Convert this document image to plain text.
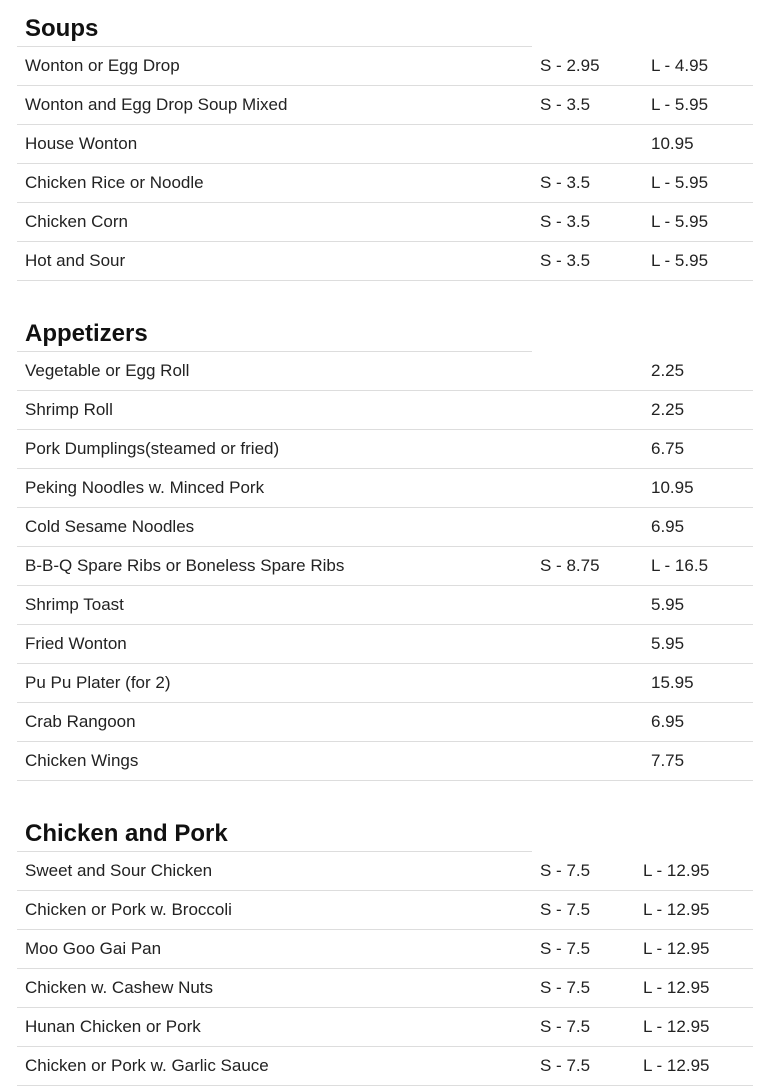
Soups
Wonton or Egg Drop	S - 2.95	L - 4.95
Wonton and Egg Drop Soup Mixed	S - 3.5	L - 5.95
House Wonton	10.95
Chicken Rice or Noodle	S - 3.5	L - 5.95
Chicken Corn	S - 3.5	L - 5.95
Hot and Sour	S - 3.5	L - 5.95
Appetizers
Vegetable or Egg Roll	2.25
Shrimp Roll	2.25
Pork Dumplings(steamed or fried)	6.75
Peking Noodles w. Minced Pork	10.95
Cold Sesame Noodles	6.95
B-B-Q Spare Ribs or Boneless Spare Ribs	S - 8.75	L - 16.5
Shrimp Toast	5.95
Fried Wonton	5.95
Pu Pu Plater (for 2)	15.95
Crab Rangoon	6.95
Chicken Wings	7.75
Chicken and Pork
Sweet and Sour Chicken	S - 7.5	L - 12.95
Chicken or Pork w. Broccoli	S - 7.5	L - 12.95
Moo Goo Gai Pan	S - 7.5	L - 12.95
Chicken w. Cashew Nuts	S - 7.5	L - 12.95
Hunan Chicken or Pork	S - 7.5	L - 12.95
Chicken or Pork w. Garlic Sauce	S - 7.5	L - 12.95
